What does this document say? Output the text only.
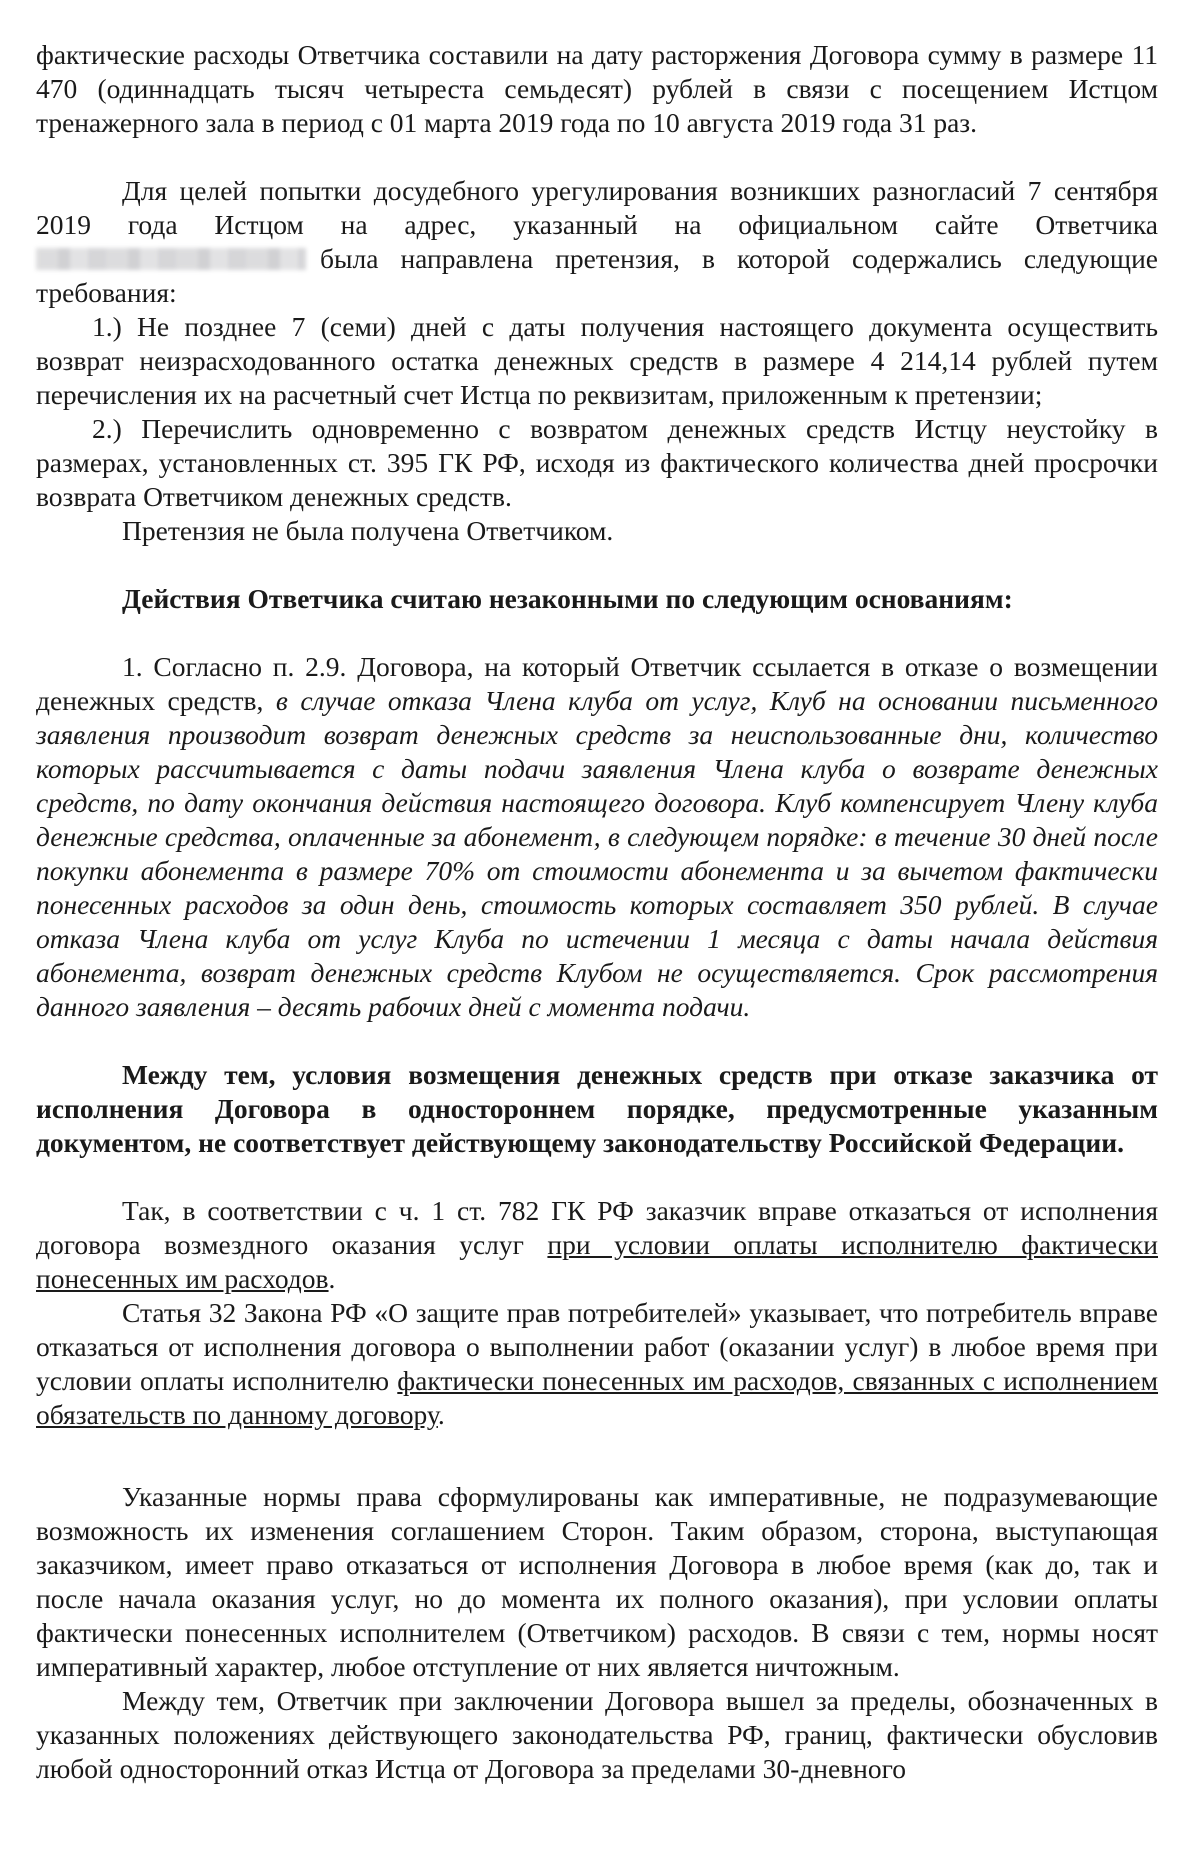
фактические расходы Ответчика составили на дату расторжения Договора сумму в размере 11 470 (одиннадцать тысяч четыреста семьдесят) рублей в связи с посещением Истцом тренажерного зала в период с 01 марта 2019 года по 10 августа 2019 года 31 раз.

Для целей попытки досудебного урегулирования возникших разногласий 7 сентября 2019 года Истцом на адрес, указанный на официальном сайте Ответчика была направлена претензия, в которой содержались следующие требования:

1.) Не позднее 7 (семи) дней с даты получения настоящего документа осуществить возврат неизрасходованного остатка денежных средств в размере 4 214,14 рублей путем перечисления их на расчетный счет Истца по реквизитам, приложенным к претензии;

2.) Перечислить одновременно с возвратом денежных средств Истцу неустойку в размерах, установленных ст. 395 ГК РФ, исходя из фактического количества дней просрочки возврата Ответчиком денежных средств.

Претензия не была получена Ответчиком.

Действия Ответчика считаю незаконными по следующим основаниям:

1. Согласно п. 2.9. Договора, на который Ответчик ссылается в отказе о возмещении денежных средств, в случае отказа Члена клуба от услуг, Клуб на основании письменного заявления производит возврат денежных средств за неиспользованные дни, количество которых рассчитывается с даты подачи заявления Члена клуба о возврате денежных средств, по дату окончания действия настоящего договора. Клуб компенсирует Члену клуба денежные средства, оплаченные за абонемент, в следующем порядке: в течение 30 дней после покупки абонемента в размере 70% от стоимости абонемента и за вычетом фактически понесенных расходов за один день, стоимость которых составляет 350 рублей. В случае отказа Члена клуба от услуг Клуба по истечении 1 месяца с даты начала действия абонемента, возврат денежных средств Клубом не осуществляется. Срок рассмотрения данного заявления – десять рабочих дней с момента подачи.

Между тем, условия возмещения денежных средств при отказе заказчика от исполнения Договора в одностороннем порядке, предусмотренные указанным документом, не соответствует действующему законодательству Российской Федерации.

Так, в соответствии с ч. 1 ст. 782 ГК РФ заказчик вправе отказаться от исполнения договора возмездного оказания услуг при условии оплаты исполнителю фактически понесенных им расходов.

Статья 32 Закона РФ «О защите прав потребителей» указывает, что потребитель вправе отказаться от исполнения договора о выполнении работ (оказании услуг) в любое время при условии оплаты исполнителю фактически понесенных им расходов, связанных с исполнением обязательств по данному договору.

Указанные нормы права сформулированы как императивные, не подразумевающие возможность их изменения соглашением Сторон. Таким образом, сторона, выступающая заказчиком, имеет право отказаться от исполнения Договора в любое время (как до, так и после начала оказания услуг, но до момента их полного оказания), при условии оплаты фактически понесенных исполнителем (Ответчиком) расходов. В связи с тем, нормы носят императивный характер, любое отступление от них является ничтожным.

Между тем, Ответчик при заключении Договора вышел за пределы, обозначенных в указанных положениях действующего законодательства РФ, границ, фактически обусловив любой односторонний отказ Истца от Договора за пределами 30-дневного
